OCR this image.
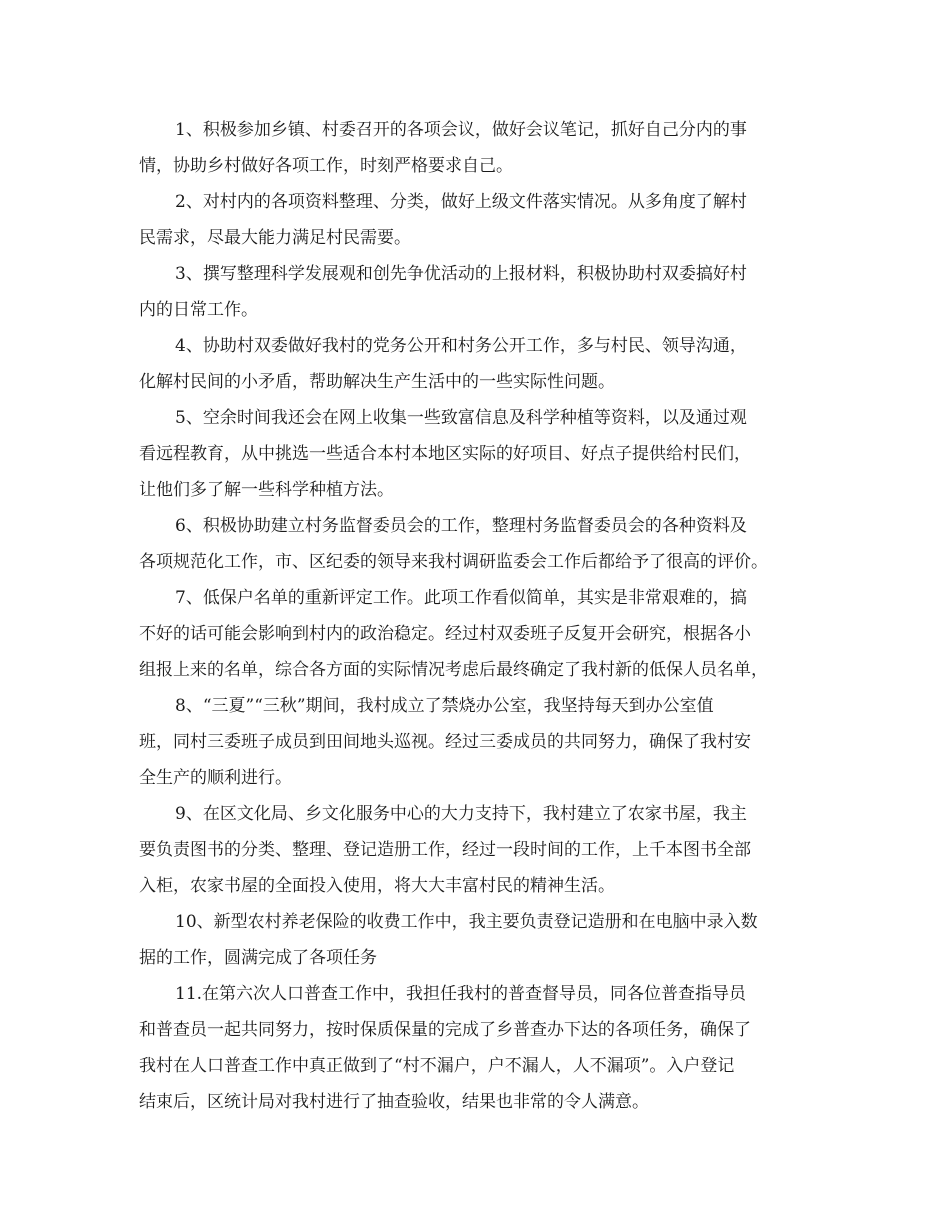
1、积极参加乡镇、村委召开的各项会议，做好会议笔记，抓好自己分内的事
情，协助乡村做好各项工作，时刻严格要求自己。
2、对村内的各项资料整理、分类，做好上级文件落实情况。从多角度了解村
民需求，尽最大能力满足村民需要。
3、撰写整理科学发展观和创先争优活动的上报材料，积极协助村双委搞好村
内的日常工作。
4、协助村双委做好我村的党务公开和村务公开工作，多与村民、领导沟通，
化解村民间的小矛盾，帮助解决生产生活中的一些实际性问题。
5、空余时间我还会在网上收集一些致富信息及科学种植等资料，以及通过观
看远程教育，从中挑选一些适合本村本地区实际的好项目、好点子提供给村民们，
让他们多了解一些科学种植方法。
6、积极协助建立村务监督委员会的工作，整理村务监督委员会的各种资料及
各项规范化工作，市、区纪委的领导来我村调研监委会工作后都给予了很高的评价。
7、低保户名单的重新评定工作。此项工作看似简单，其实是非常艰难的，搞
不好的话可能会影响到村内的政治稳定。经过村双委班子反复开会研究，根据各小
组报上来的名单，综合各方面的实际情况考虑后最终确定了我村新的低保人员名单，
8、“三夏”“三秋”期间，我村成立了禁烧办公室，我坚持每天到办公室值
班，同村三委班子成员到田间地头巡视。经过三委成员的共同努力，确保了我村安
全生产的顺利进行。
9、在区文化局、乡文化服务中心的大力支持下，我村建立了农家书屋，我主
要负责图书的分类、整理、登记造册工作，经过一段时间的工作，上千本图书全部
入柜，农家书屋的全面投入使用，将大大丰富村民的精神生活。
10、新型农村养老保险的收费工作中，我主要负责登记造册和在电脑中录入数
据的工作，圆满完成了各项任务
11.在第六次人口普查工作中，我担任我村的普查督导员，同各位普查指导员
和普查员一起共同努力，按时保质保量的完成了乡普查办下达的各项任务，确保了
我村在人口普查工作中真正做到了“村不漏户，户不漏人，人不漏项”。入户登记
结束后，区统计局对我村进行了抽查验收，结果也非常的令人满意。
